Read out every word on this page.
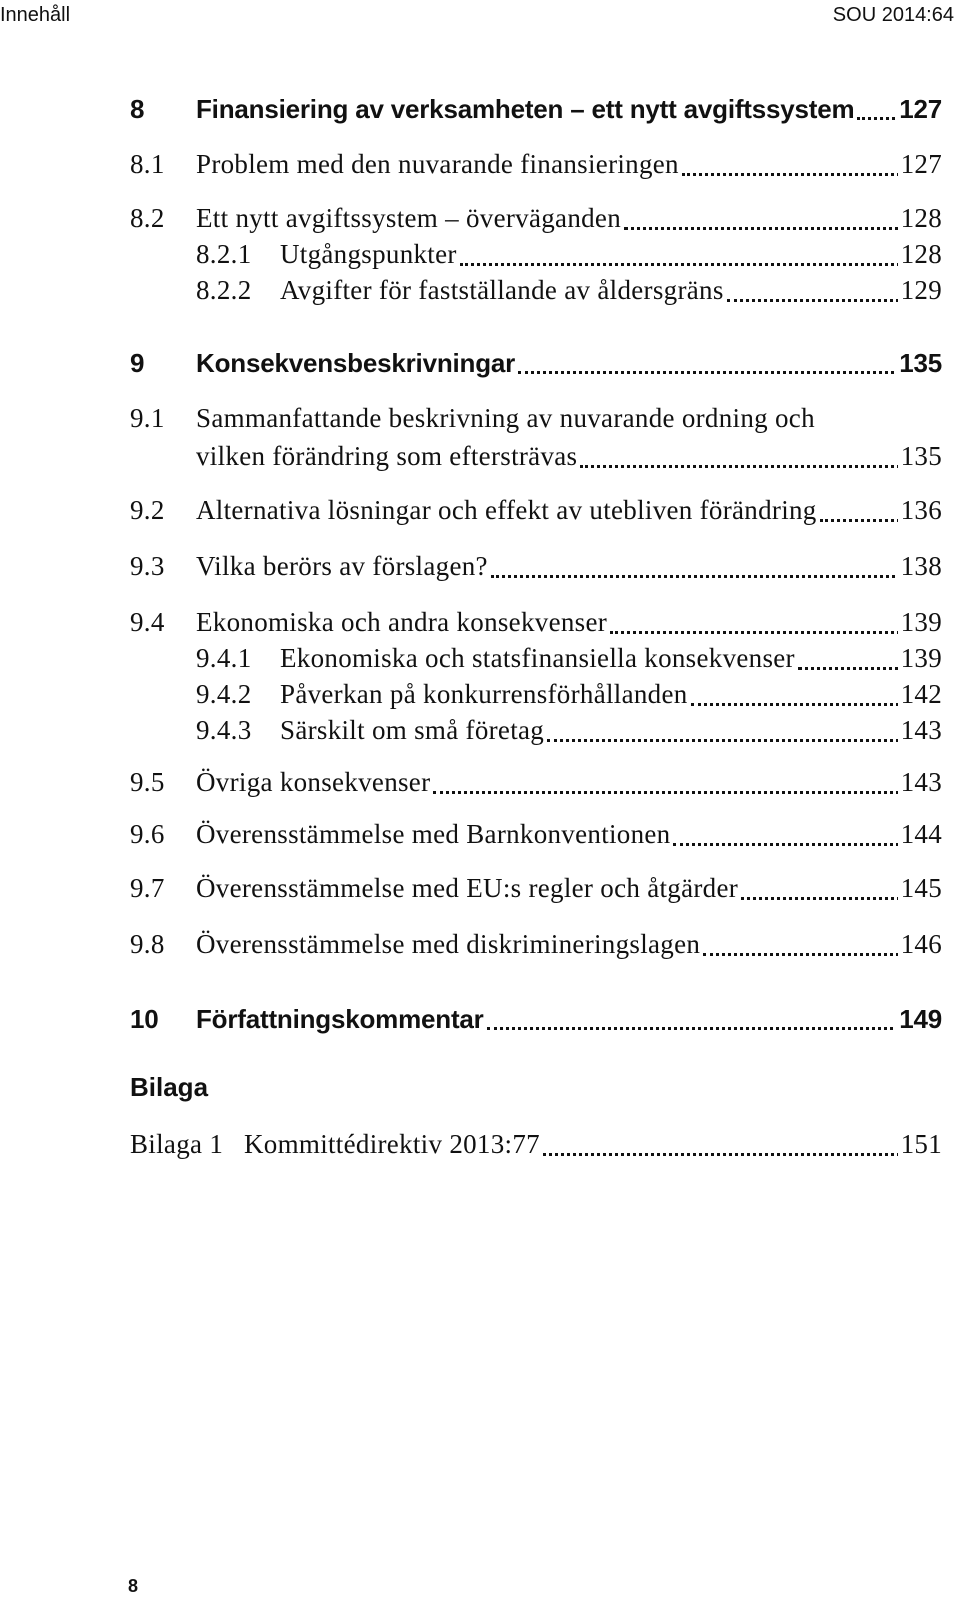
Innehåll	SOU 2014:64
8 Finansiering av verksamheten – ett nytt avgiftssystem 127
8.1 Problem med den nuvarande finansieringen	127
8.2 Ett nytt avgiftssystem – överväganden	128
8.2.1 Utgångspunkter	128
8.2.2 Avgifter för fastställande av åldersgräns	129
9 Konsekvensbeskrivningar	135
9.1 Sammanfattande beskrivning av nuvarande ordning och
vilken förändring som eftersträvas	135
9.2 Alternativa lösningar och effekt av utebliven förändring	136
9.3 Vilka berörs av förslagen?	138
9.4 Ekonomiska och andra konsekvenser	139
9.4.1 Ekonomiska och statsfinansiella konsekvenser	139
9.4.2 Påverkan på konkurrensförhållanden	142
9.4.3 Särskilt om små företag	143
9.5 Övriga konsekvenser	143
9.6 Överensstämmelse med Barnkonventionen	144
9.7 Överensstämmelse med EU:s regler och åtgärder	145
9.8 Överensstämmelse med diskrimineringslagen	146
10 Författningskommentar	149
Bilaga
Bilaga 1 Kommittédirektiv 2013:77	151
8
